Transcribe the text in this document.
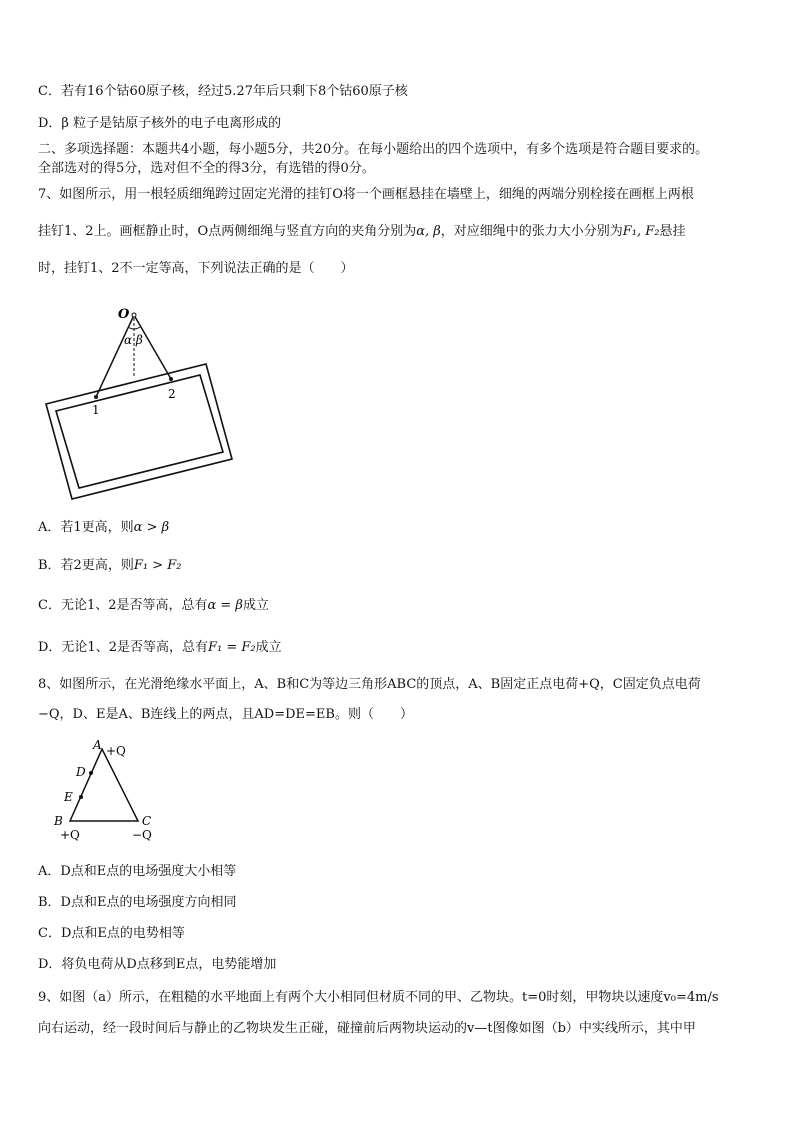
C．若有16个钴60原子核，经过5.27年后只剩下8个钴60原子核
D．β 粒子是钴原子核外的电子电离形成的
二、多项选择题：本题共4小题，每小题5分，共20分。在每小题给出的四个选项中，有多个选项是符合题目要求的。
全部选对的得5分，选对但不全的得3分，有选错的得0分。
7、如图所示，用一根轻质细绳跨过固定光滑的挂钉O将一个画框悬挂在墙壁上，细绳的两端分别栓接在画框上两根
挂钉1、2上。画框静止时，O点两侧细绳与竖直方向的夹角分别为α, β，对应细绳中的张力大小分别为F₁, F₂悬挂
时，挂钉1、2不一定等高，下列说法正确的是（　　）
O
α β
1
2
A．若1更高，则α > β
B．若2更高，则F₁ > F₂
C．无论1、2是否等高，总有α = β成立
D．无论1、2是否等高，总有F₁ = F₂成立
8、如图所示，在光滑绝缘水平面上，A、B和C为等边三角形ABC的顶点，A、B固定正点电荷+Q，C固定负点电荷
−Q，D、E是A、B连线上的两点，且AD=DE=EB。则（　　）
A +Q
D
E
B
+Q
C
−Q
A．D点和E点的电场强度大小相等
B．D点和E点的电场强度方向相同
C．D点和E点的电势相等
D．将负电荷从D点移到E点，电势能增加
9、如图（a）所示，在粗糙的水平地面上有两个大小相同但材质不同的甲、乙物块。t=0时刻，甲物块以速度v₀=4m/s
向右运动，经一段时间后与静止的乙物块发生正碰，碰撞前后两物块运动的v—t图像如图（b）中实线所示，其中甲
